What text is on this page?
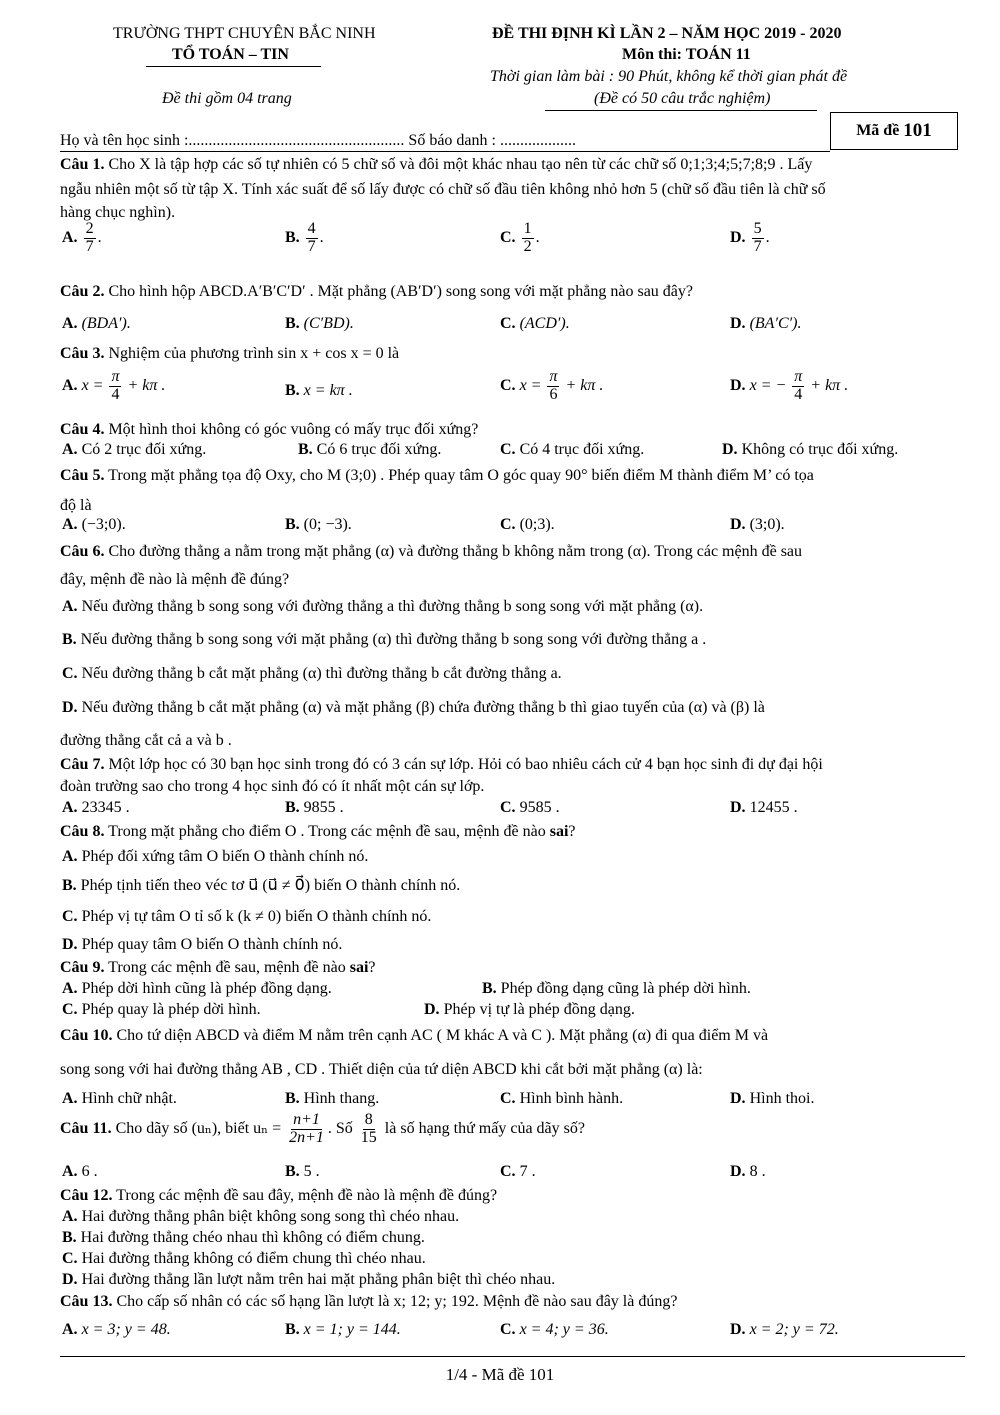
TRƯỜNG THPT CHUYÊN BẮC NINH
TỔ TOÁN – TIN
Đề thi gồm 04 trang
ĐỀ THI ĐỊNH KÌ LẦN 2 – NĂM HỌC 2019 - 2020
Môn thi: TOÁN 11
Thời gian làm bài : 90 Phút, không kể thời gian phát đề
(Đề có 50 câu trắc nghiệm)
Họ và tên học sinh :...................................................... Số báo danh : ...................
Mã đề
101
Câu 1. Cho X là tập hợp các số tự nhiên có 5 chữ số và đôi một khác nhau tạo nên từ các chữ số 0;1;3;4;5;7;8;9 . Lấy
ngẫu nhiên một số từ tập X. Tính xác suất để số lấy được có chữ số đầu tiên không nhỏ hơn 5 (chữ số đầu tiên là chữ số
hàng chục nghìn).
A. $\frac{2}{7}$ .	B. $\frac{4}{7}$ .	C. $\frac{1}{2}$ .	D. $\frac{5}{7}$ .
Câu 2. Cho hình hộp ABCD.A′B′C′D′ . Mặt phẳng (AB′D′) song song với mặt phẳng nào sau đây?
A. (BDA′).	B. (C′BD).	C. (ACD′).	D. (BA′C′).
Câu 3. Nghiệm của phương trình sin x + cos x = 0 là
A. $x = \frac{\pi}{4} + k\pi$ .	B. x = kπ .	C. $x = \frac{\pi}{6} + k\pi$ .	D. x = − $\frac{\pi}{4} + k\pi$ .
Câu 4. Một hình thoi không có góc vuông có mấy trục đối xứng?
A. Có 2 trục đối xứng.	B. Có 6 trục đối xứng.	C. Có 4 trục đối xứng.	D. Không có trục đối xứng.
Câu 5. Trong mặt phẳng tọa độ Oxy, cho M (3;0) . Phép quay tâm O góc quay 90° biến điểm M thành điểm M’ có tọa
độ là
A. (−3;0).	B. (0; −3).	C. (0;3).	D. (3;0).
Câu 6. Cho đường thẳng a nằm trong mặt phẳng (α) và đường thẳng b không nằm trong (α). Trong các mệnh đề sau
đây, mệnh đề nào là mệnh đề đúng?
A. Nếu đường thẳng b song song với đường thẳng a thì đường thẳng b song song với mặt phẳng (α).
B. Nếu đường thẳng b song song với mặt phẳng (α) thì đường thẳng b song song với đường thẳng a .
C. Nếu đường thẳng b cắt mặt phẳng (α) thì đường thẳng b cắt đường thẳng a.
D. Nếu đường thẳng b cắt mặt phẳng (α) và mặt phẳng (β) chứa đường thẳng b thì giao tuyến của (α) và (β) là
đường thẳng cắt cả a và b .
Câu 7. Một lớp học có 30 bạn học sinh trong đó có 3 cán sự lớp. Hỏi có bao nhiêu cách cử 4 bạn học sinh đi dự đại hội
đoàn trường sao cho trong 4 học sinh đó có ít nhất một cán sự lớp.
A. 23345 .	B. 9855 .	C. 9585 .	D. 12455 .
Câu 8. Trong mặt phẳng cho điểm O . Trong các mệnh đề sau, mệnh đề nào sai?
A. Phép đối xứng tâm O biến O thành chính nó.
B. Phép tịnh tiến theo véc tơ u⃗ (u⃗ ≠ 0⃗) biến O thành chính nó.
C. Phép vị tự tâm O tỉ số k (k ≠ 0) biến O thành chính nó.
D. Phép quay tâm O biến O thành chính nó.
Câu 9. Trong các mệnh đề sau, mệnh đề nào sai?
A. Phép dời hình cũng là phép đồng dạng.	B. Phép đồng dạng cũng là phép dời hình.
C. Phép quay là phép dời hình.	D. Phép vị tự là phép đồng dạng.
Câu 10. Cho tứ diện ABCD và điểm M nằm trên cạnh AC ( M khác A và C ). Mặt phẳng (α) đi qua điểm M và
song song với hai đường thẳng AB , CD . Thiết diện của tứ diện ABCD khi cắt bởi mặt phẳng (α) là:
A. Hình chữ nhật.	B. Hình thang.	C. Hình bình hành.	D. Hình thoi.
Câu 11. Cho dãy số (uₙ), biết $u_n = \frac{n+1}{2n+1}$ . Số $\frac{8}{15}$ là số hạng thứ mấy của dãy số?
A. 6 .	B. 5 .	C. 7 .	D. 8 .
Câu 12. Trong các mệnh đề sau đây, mệnh đề nào là mệnh đề đúng?
A. Hai đường thẳng phân biệt không song song thì chéo nhau.
B. Hai đường thẳng chéo nhau thì không có điểm chung.
C. Hai đường thẳng không có điểm chung thì chéo nhau.
D. Hai đường thẳng lần lượt nằm trên hai mặt phẳng phân biệt thì chéo nhau.
Câu 13. Cho cấp số nhân có các số hạng lần lượt là x; 12; y; 192. Mệnh đề nào sau đây là đúng?
A. x = 3; y = 48.	B. x = 1; y = 144.	C. x = 4; y = 36.	D. x = 2; y = 72.
1/4 - Mã đề 101
